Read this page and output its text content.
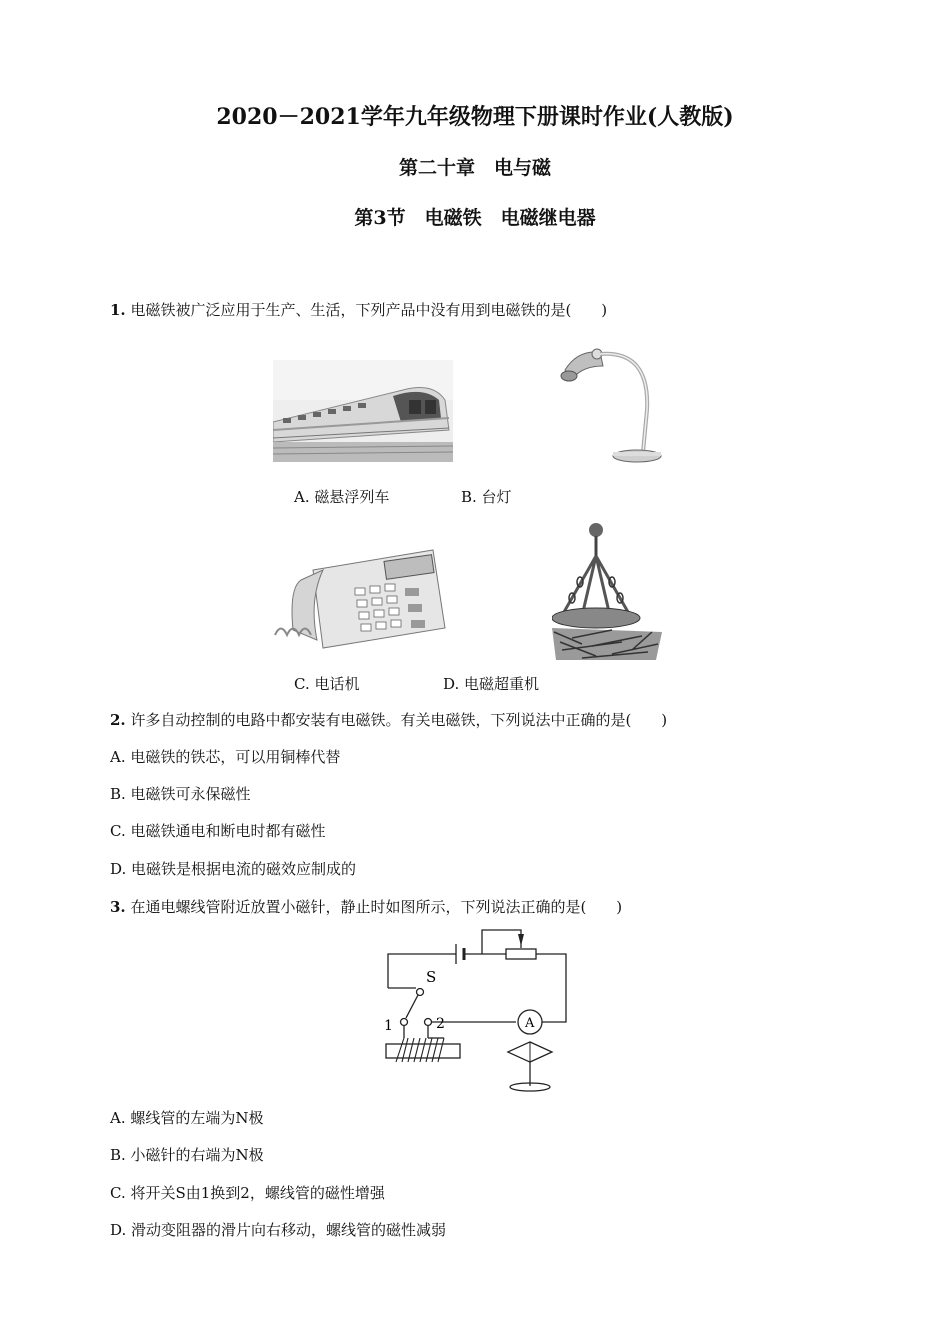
2020－2021学年九年级物理下册课时作业(人教版)
第二十章　电与磁
第3节　电磁铁　电磁继电器
1. 电磁铁被广泛应用于生产、生活，下列产品中没有用到电磁铁的是(　　)
A. 磁悬浮列车	B. 台灯
C. 电话机	D. 电磁超重机
2. 许多自动控制的电路中都安装有电磁铁。有关电磁铁，下列说法中正确的是(　　)
A. 电磁铁的铁芯，可以用铜棒代替
B. 电磁铁可永保磁性
C. 电磁铁通电和断电时都有磁性
D. 电磁铁是根据电流的磁效应制成的
3. 在通电螺线管附近放置小磁针，静止时如图所示，下列说法正确的是(　　)
S
1	2	A
A. 螺线管的左端为N极
B. 小磁针的右端为N极
C. 将开关S由1换到2，螺线管的磁性增强
D. 滑动变阻器的滑片向右移动，螺线管的磁性减弱
